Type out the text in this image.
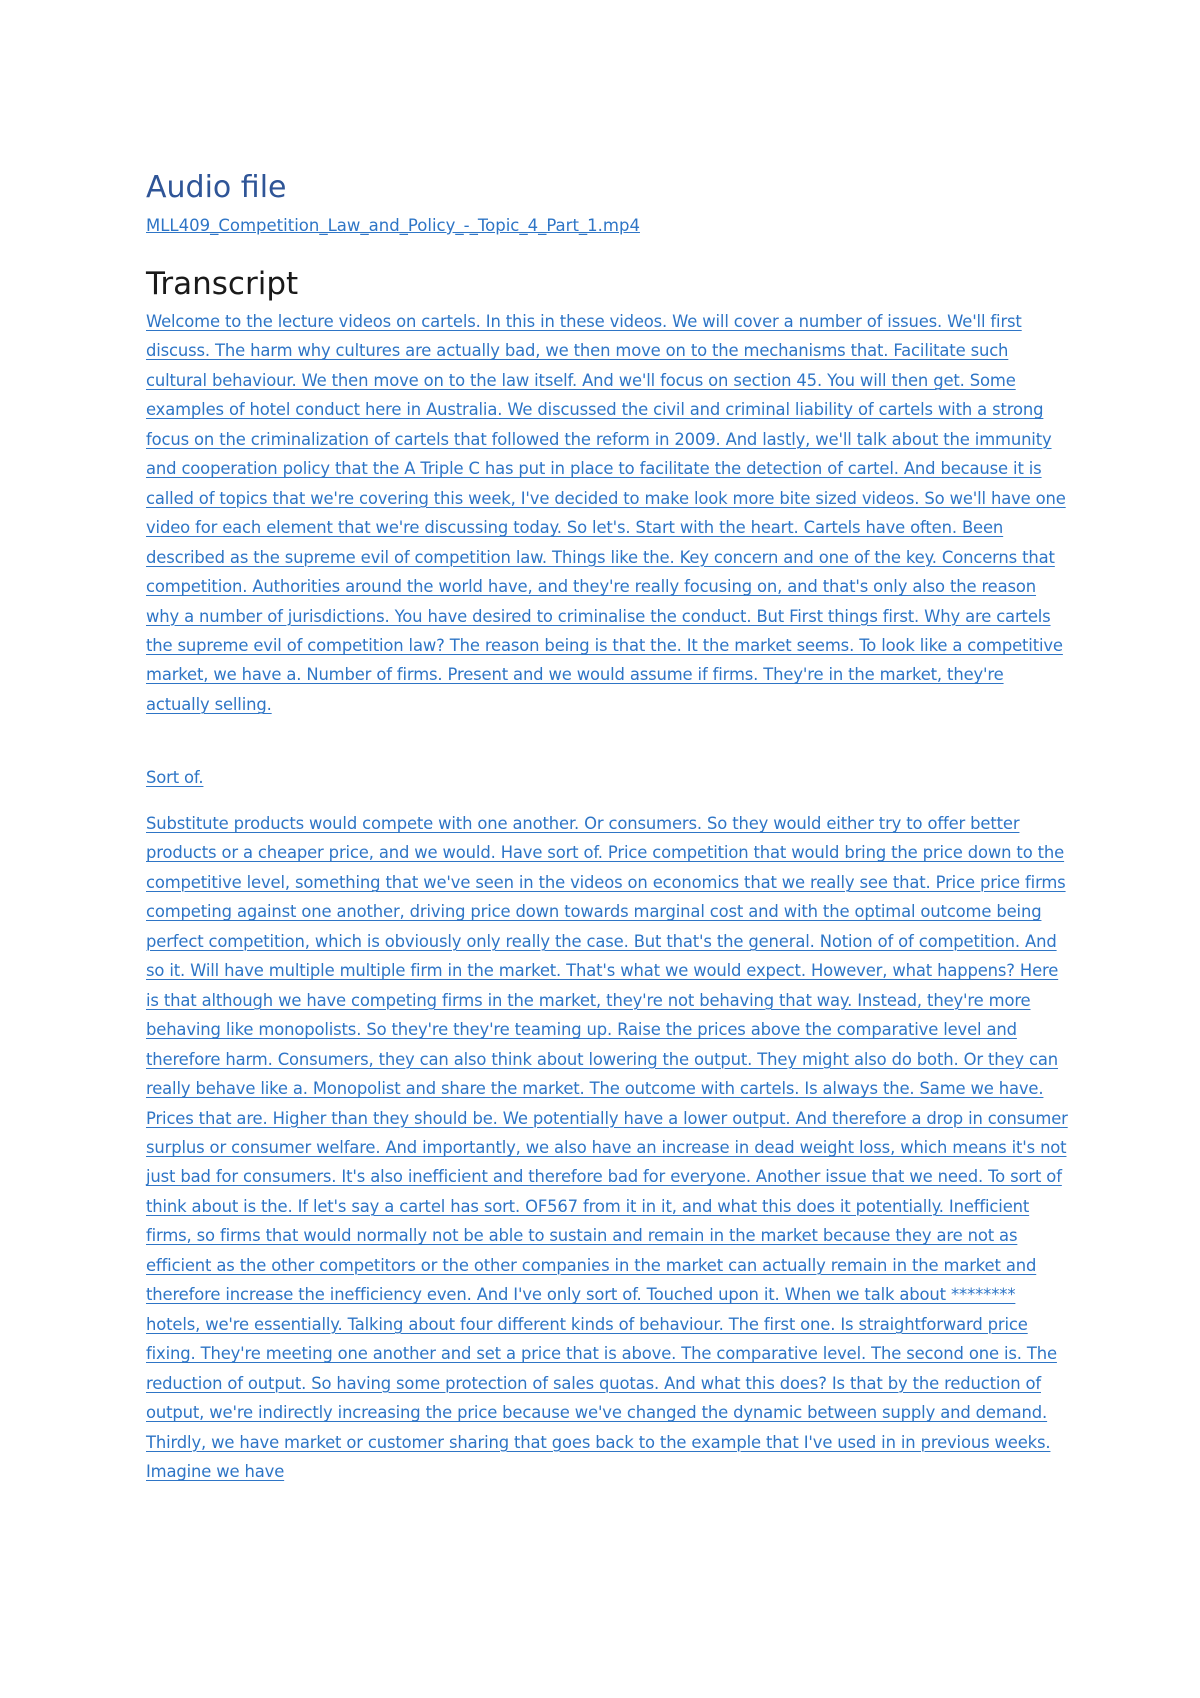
Audio file
MLL409_Competition_Law_and_Policy_-_Topic_4_Part_1.mp4
Transcript

Welcome to the lecture videos on cartels. In this in these videos. We will cover a number of issues. We'll first discuss. The harm why cultures are actually bad, we then move on to the mechanisms that. Facilitate such cultural behaviour. We then move on to the law itself. And we'll focus on section 45. You will then get. Some examples of hotel conduct here in Australia. We discussed the civil and criminal liability of cartels with a strong focus on the criminalization of cartels that followed the reform in 2009. And lastly, we'll talk about the immunity and cooperation policy that the A Triple C has put in place to facilitate the detection of cartel. And because it is called of topics that we're covering this week, I've decided to make look more bite sized videos. So we'll have one video for each element that we're discussing today. So let's. Start with the heart. Cartels have often. Been described as the supreme evil of competition law. Things like the. Key concern and one of the key. Concerns that competition. Authorities around the world have, and they're really focusing on, and that's only also the reason why a number of jurisdictions. You have desired to criminalise the conduct. But First things first. Why are cartels the supreme evil of competition law? The reason being is that the. It the market seems. To look like a competitive market, we have a. Number of firms. Present and we would assume if firms. They're in the market, they're actually selling.

Sort of.

Substitute products would compete with one another. Or consumers. So they would either try to offer better products or a cheaper price, and we would. Have sort of. Price competition that would bring the price down to the competitive level, something that we've seen in the videos on economics that we really see that. Price price firms competing against one another, driving price down towards marginal cost and with the optimal outcome being perfect competition, which is obviously only really the case. But that's the general. Notion of of competition. And so it. Will have multiple multiple firm in the market. That's what we would expect. However, what happens? Here is that although we have competing firms in the market, they're not behaving that way. Instead, they're more behaving like monopolists. So they're they're teaming up. Raise the prices above the comparative level and therefore harm. Consumers, they can also think about lowering the output. They might also do both. Or they can really behave like a. Monopolist and share the market. The outcome with cartels. Is always the. Same we have. Prices that are. Higher than they should be. We potentially have a lower output. And therefore a drop in consumer surplus or consumer welfare. And importantly, we also have an increase in dead weight loss, which means it's not just bad for consumers. It's also inefficient and therefore bad for everyone. Another issue that we need. To sort of think about is the. If let's say a cartel has sort. OF567 from it in it, and what this does it potentially. Inefficient firms, so firms that would normally not be able to sustain and remain in the market because they are not as efficient as the other competitors or the other companies in the market can actually remain in the market and therefore increase the inefficiency even. And I've only sort of. Touched upon it. When we talk about ******** hotels, we're essentially. Talking about four different kinds of behaviour. The first one. Is straightforward price fixing. They're meeting one another and set a price that is above. The comparative level. The second one is. The reduction of output. So having some protection of sales quotas. And what this does? Is that by the reduction of output, we're indirectly increasing the price because we've changed the dynamic between supply and demand. Thirdly, we have market or customer sharing that goes back to the example that I've used in in previous weeks. Imagine we have
